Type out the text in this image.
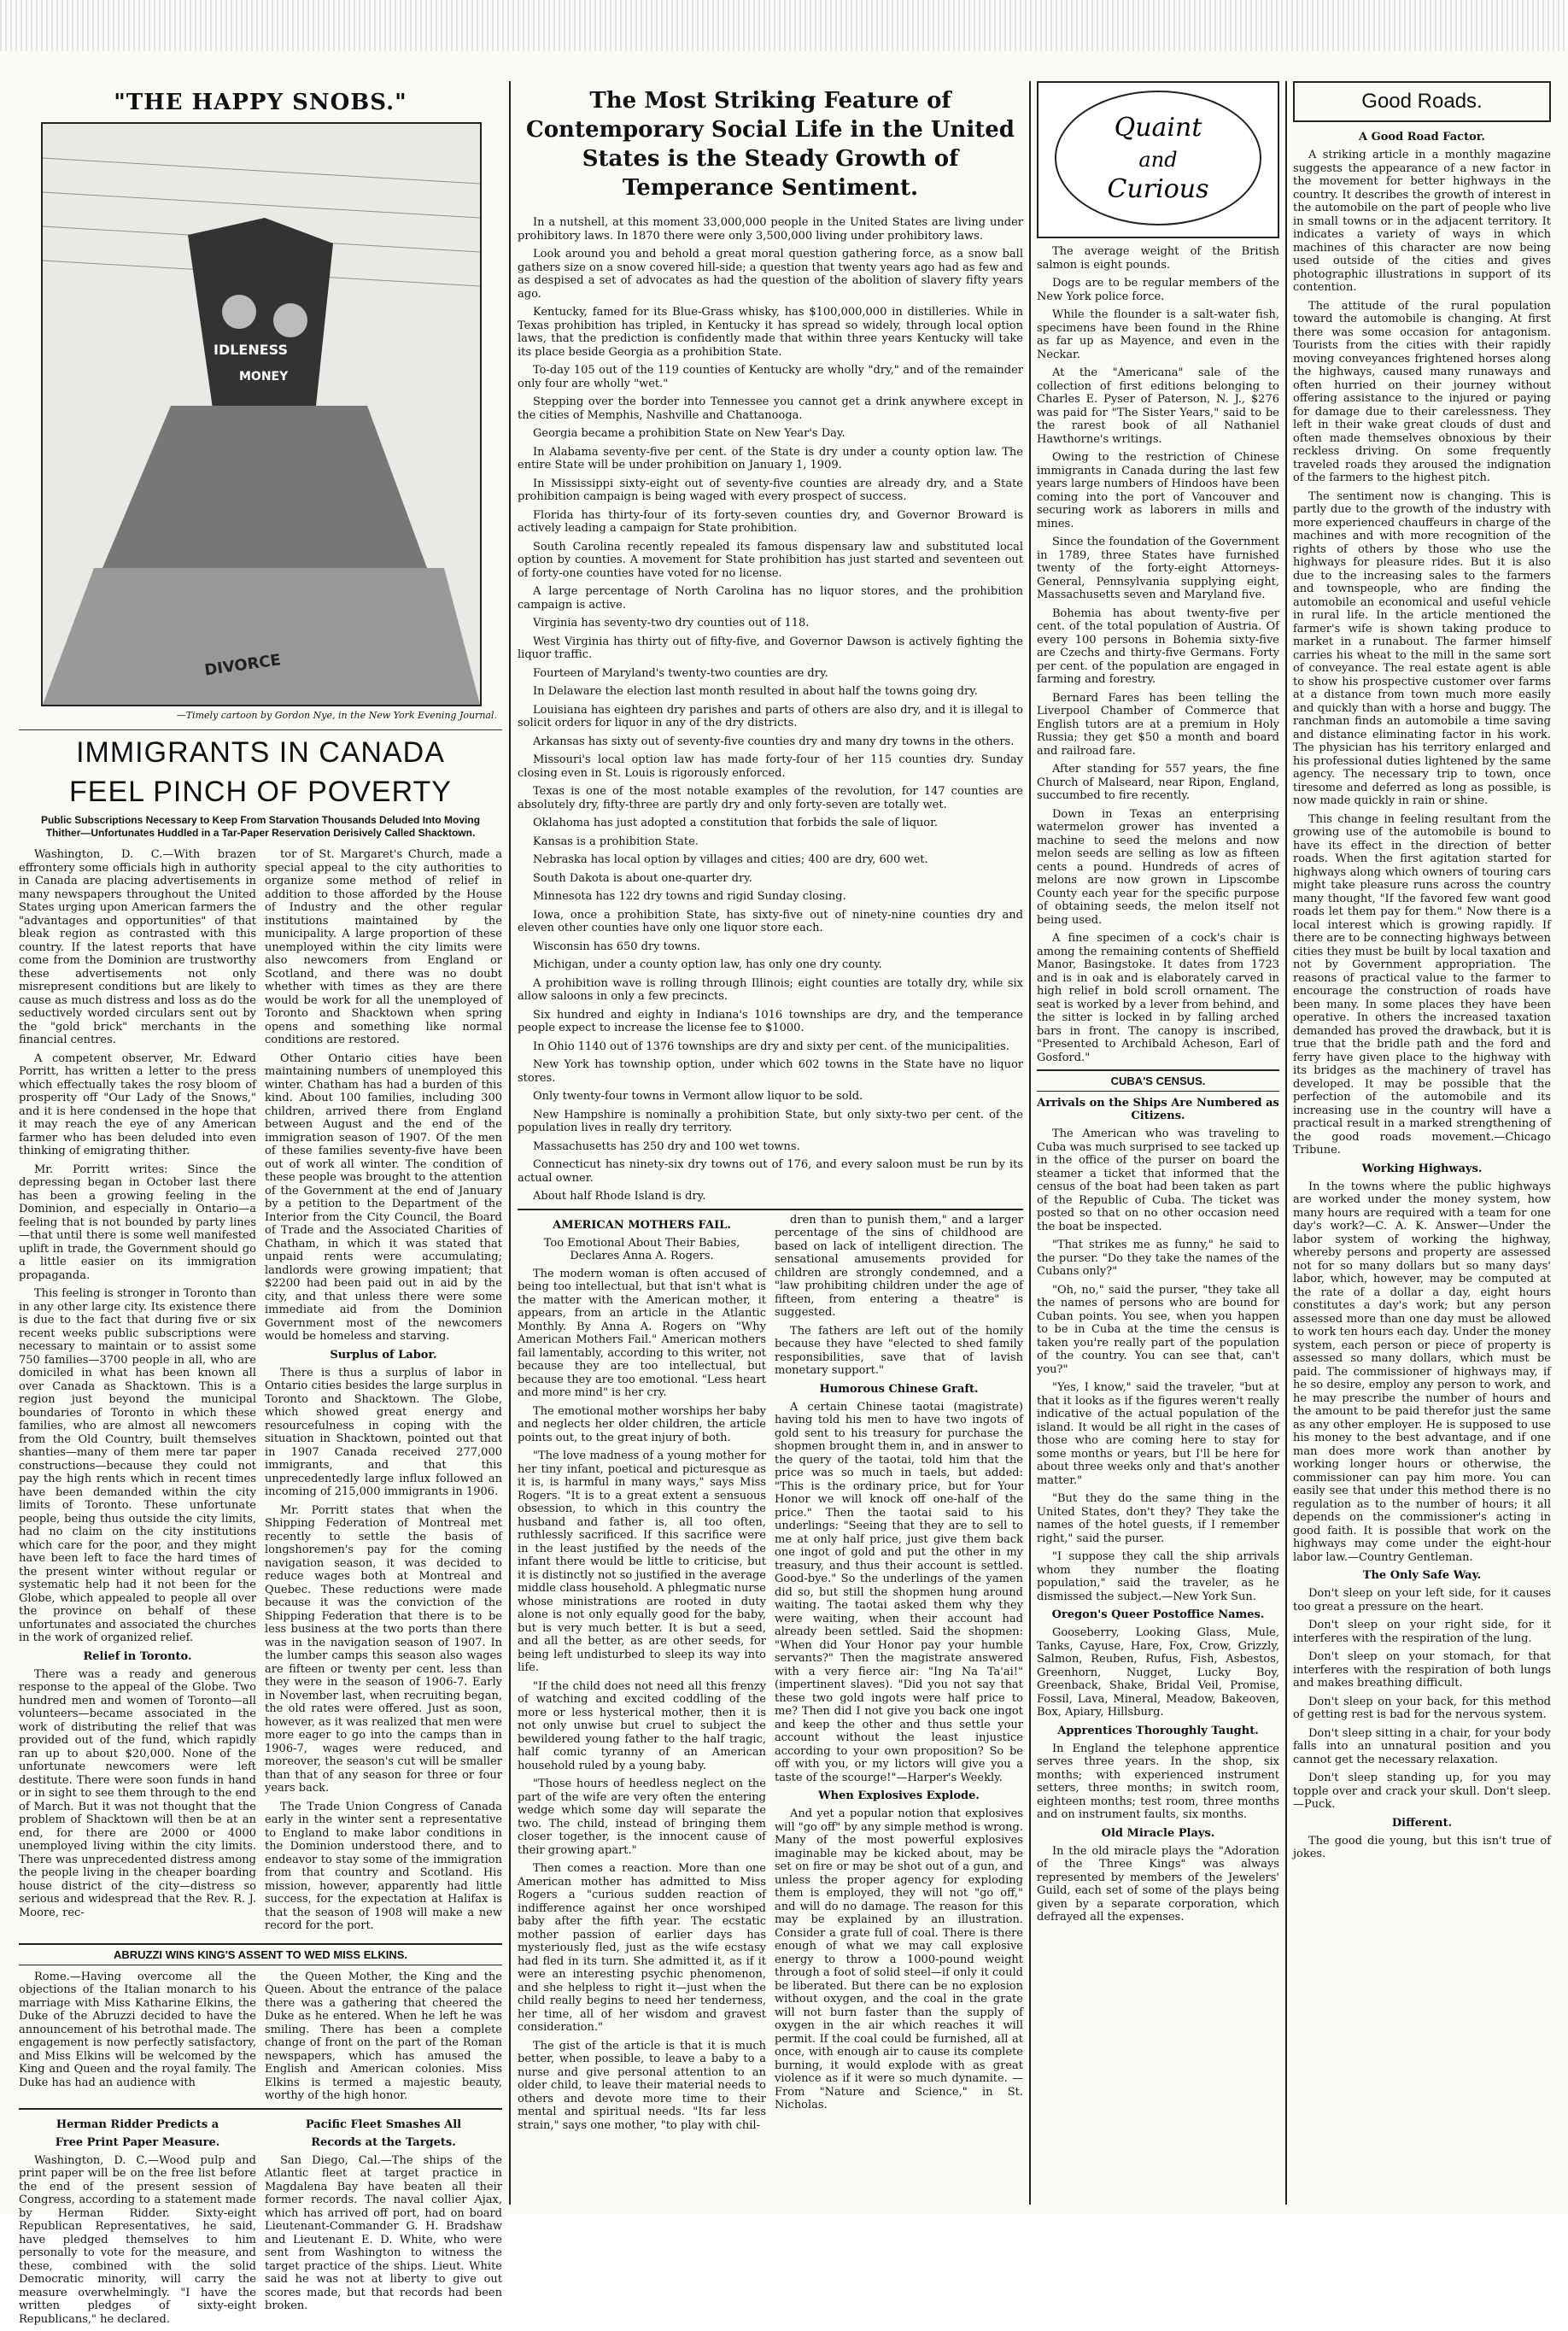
"THE HAPPY SNOBS."
IDLENESS
MONEY
DIVORCE
—Timely cartoon by Gordon Nye, in the New York Evening Journal.
IMMIGRANTS IN CANADA
FEEL PINCH OF POVERTY
Public Subscriptions Necessary to Keep From Starvation Thousands Deluded Into Moving Thither—Unfortunates Huddled in a Tar-Paper Reservation Derisively Called Shacktown.

Washington, D. C.—With brazen effrontery some officials high in authority in Canada are placing advertisements in many newspapers throughout the United States urging upon American farmers the "advantages and opportunities" of that bleak region as contrasted with this country. If the latest reports that have come from the Dominion are trustworthy these advertisements not only misrepresent conditions but are likely to cause as much distress and loss as do the seductively worded circulars sent out by the "gold brick" merchants in the financial centres.

A competent observer, Mr. Edward Porritt, has written a letter to the press which effectually takes the rosy bloom of prosperity off "Our Lady of the Snows," and it is here condensed in the hope that it may reach the eye of any American farmer who has been deluded into even thinking of emigrating thither.

Mr. Porritt writes: Since the depressing began in October last there has been a growing feeling in the Dominion, and especially in Ontario—a feeling that is not bounded by party lines—that until there is some well manifested uplift in trade, the Government should go a little easier on its immigration propaganda.

This feeling is stronger in Toronto than in any other large city. Its existence there is due to the fact that during five or six recent weeks public subscriptions were necessary to maintain or to assist some 750 families—3700 people in all, who are domiciled in what has been known all over Canada as Shacktown. This is a region just beyond the municipal boundaries of Toronto in which these families, who are almost all newcomers from the Old Country, built themselves shanties—many of them mere tar paper constructions—because they could not pay the high rents which in recent times have been demanded within the city limits of Toronto. These unfortunate people, being thus outside the city limits, had no claim on the city institutions which care for the poor, and they might have been left to face the hard times of the present winter without regular or systematic help had it not been for the Globe, which appealed to people all over the province on behalf of these unfortunates and associated the churches in the work of organized relief.

Relief in Toronto.

There was a ready and generous response to the appeal of the Globe. Two hundred men and women of Toronto—all volunteers—became associated in the work of distributing the relief that was provided out of the fund, which rapidly ran up to about $20,000. None of the unfortunate newcomers were left destitute. There were soon funds in hand or in sight to see them through to the end of March. But it was not thought that the problem of Shacktown will then be at an end, for there are 2000 or 4000 unemployed living within the city limits. There was unprecedented distress among the people living in the cheaper boarding house district of the city—distress so serious and widespread that the Rev. R. J. Moore, rec-

tor of St. Margaret's Church, made a special appeal to the city authorities to organize some method of relief in addition to those afforded by the House of Industry and the other regular institutions maintained by the municipality. A large proportion of these unemployed within the city limits were also newcomers from England or Scotland, and there was no doubt whether with times as they are there would be work for all the unemployed of Toronto and Shacktown when spring opens and something like normal conditions are restored.

Other Ontario cities have been maintaining numbers of unemployed this winter. Chatham has had a burden of this kind. About 100 families, including 300 children, arrived there from England between August and the end of the immigration season of 1907. Of the men of these families seventy-five have been out of work all winter. The condition of these people was brought to the attention of the Government at the end of January by a petition to the Department of the Interior from the City Council, the Board of Trade and the Associated Charities of Chatham, in which it was stated that unpaid rents were accumulating; landlords were growing impatient; that $2200 had been paid out in aid by the city, and that unless there were some immediate aid from the Dominion Government most of the newcomers would be homeless and starving.

Surplus of Labor.

There is thus a surplus of labor in Ontario cities besides the large surplus in Toronto and Shacktown. The Globe, which showed great energy and resourcefulness in coping with the situation in Shacktown, pointed out that in 1907 Canada received 277,000 immigrants, and that this unprecedentedly large influx followed an incoming of 215,000 immigrants in 1906.

Mr. Porritt states that when the Shipping Federation of Montreal met recently to settle the basis of longshoremen's pay for the coming navigation season, it was decided to reduce wages both at Montreal and Quebec. These reductions were made because it was the conviction of the Shipping Federation that there is to be less business at the two ports than there was in the navigation season of 1907. In the lumber camps this season also wages are fifteen or twenty per cent. less than they were in the season of 1906-7. Early in November last, when recruiting began, the old rates were offered. Just as soon, however, as it was realized that men were more eager to go into the camps than in 1906-7, wages were reduced, and moreover, the season's cut will be smaller than that of any season for three or four years back.

The Trade Union Congress of Canada early in the winter sent a representative to England to make labor conditions in the Dominion understood there, and to endeavor to stay some of the immigration from that country and Scotland. His mission, however, apparently had little success, for the expectation at Halifax is that the season of 1908 will make a new record for the port.

ABRUZZI WINS KING'S ASSENT TO WED MISS ELKINS.

Rome.—Having overcome all the objections of the Italian monarch to his marriage with Miss Katharine Elkins, the Duke of the Abruzzi decided to have the announcement of his betrothal made. The engagement is now perfectly satisfactory, and Miss Elkins will be welcomed by the King and Queen and the royal family. The Duke has had an audience with

the Queen Mother, the King and the Queen. About the entrance of the palace there was a gathering that cheered the Duke as he entered. When he left he was smiling. There has been a complete change of front on the part of the Roman newspapers, which has amused the English and American colonies. Miss Elkins is termed a majestic beauty, worthy of the high honor.

Herman Ridder Predicts a
Free Print Paper Measure.

Washington, D. C.—Wood pulp and print paper will be on the free list before the end of the present session of Congress, according to a statement made by Herman Ridder. Sixty-eight Republican Representatives, he said, have pledged themselves to him personally to vote for the measure, and these, combined with the solid Democratic minority, will carry the measure overwhelmingly. "I have the written pledges of sixty-eight Republicans," he declared.

Pacific Fleet Smashes All
Records at the Targets.

San Diego, Cal.—The ships of the Atlantic fleet at target practice in Magdalena Bay have beaten all their former records. The naval collier Ajax, which has arrived off port, had on board Lieutenant-Commander G. H. Bradshaw and Lieutenant E. D. White, who were sent from Washington to witness the target practice of the ships. Lieut. White said he was not at liberty to give out scores made, but that records had been broken.

The Most Striking Feature of Contemporary Social Life in the United States is the Steady Growth of Temperance Sentiment.

In a nutshell, at this moment 33,000,000 people in the United States are living under prohibitory laws. In 1870 there were only 3,500,000 living under prohibitory laws.

Look around you and behold a great moral question gathering force, as a snow ball gathers size on a snow covered hill-side; a question that twenty years ago had as few and as despised a set of advocates as had the question of the abolition of slavery fifty years ago.

Kentucky, famed for its Blue-Grass whisky, has $100,000,000 in distilleries. While in Texas prohibition has tripled, in Kentucky it has spread so widely, through local option laws, that the prediction is confidently made that within three years Kentucky will take its place beside Georgia as a prohibition State.

To-day 105 out of the 119 counties of Kentucky are wholly "dry," and of the remainder only four are wholly "wet."

Stepping over the border into Tennessee you cannot get a drink anywhere except in the cities of Memphis, Nashville and Chattanooga.

Georgia became a prohibition State on New Year's Day.

In Alabama seventy-five per cent. of the State is dry under a county option law. The entire State will be under prohibition on January 1, 1909.

In Mississippi sixty-eight out of seventy-five counties are already dry, and a State prohibition campaign is being waged with every prospect of success.

Florida has thirty-four of its forty-seven counties dry, and Governor Broward is actively leading a campaign for State prohibition.

South Carolina recently repealed its famous dispensary law and substituted local option by counties. A movement for State prohibition has just started and seventeen out of forty-one counties have voted for no license.

A large percentage of North Carolina has no liquor stores, and the prohibition campaign is active.

Virginia has seventy-two dry counties out of 118.

West Virginia has thirty out of fifty-five, and Governor Dawson is actively fighting the liquor traffic.

Fourteen of Maryland's twenty-two counties are dry.

In Delaware the election last month resulted in about half the towns going dry.

Louisiana has eighteen dry parishes and parts of others are also dry, and it is illegal to solicit orders for liquor in any of the dry districts.

Arkansas has sixty out of seventy-five counties dry and many dry towns in the others.

Missouri's local option law has made forty-four of her 115 counties dry. Sunday closing even in St. Louis is rigorously enforced.

Texas is one of the most notable examples of the revolution, for 147 counties are absolutely dry, fifty-three are partly dry and only forty-seven are totally wet.

Oklahoma has just adopted a constitution that forbids the sale of liquor.

Kansas is a prohibition State.

Nebraska has local option by villages and cities; 400 are dry, 600 wet.

South Dakota is about one-quarter dry.

Minnesota has 122 dry towns and rigid Sunday closing.

Iowa, once a prohibition State, has sixty-five out of ninety-nine counties dry and eleven other counties have only one liquor store each.

Wisconsin has 650 dry towns.

Michigan, under a county option law, has only one dry county.

A prohibition wave is rolling through Illinois; eight counties are totally dry, while six allow saloons in only a few precincts.

Six hundred and eighty in Indiana's 1016 townships are dry, and the temperance people expect to increase the license fee to $1000.

In Ohio 1140 out of 1376 townships are dry and sixty per cent. of the municipalities.

New York has township option, under which 602 towns in the State have no liquor stores.

Only twenty-four towns in Vermont allow liquor to be sold.

New Hampshire is nominally a prohibition State, but only sixty-two per cent. of the population lives in really dry territory.

Massachusetts has 250 dry and 100 wet towns.

Connecticut has ninety-six dry towns out of 176, and every saloon must be run by its actual owner.

About half Rhode Island is dry.

AMERICAN MOTHERS FAIL.
Too Emotional About Their Babies, Declares Anna A. Rogers.

The modern woman is often accused of being too intellectual, but that isn't what is the matter with the American mother, it appears, from an article in the Atlantic Monthly. By Anna A. Rogers on "Why American Mothers Fail." American mothers fail lamentably, according to this writer, not because they are too intellectual, but because they are too emotional. "Less heart and more mind" is her cry.

The emotional mother worships her baby and neglects her older children, the article points out, to the great injury of both.

"The love madness of a young mother for her tiny infant, poetical and picturesque as it is, is harmful in many ways," says Miss Rogers. "It is to a great extent a sensuous obsession, to which in this country the husband and father is, all too often, ruthlessly sacrificed. If this sacrifice were in the least justified by the needs of the infant there would be little to criticise, but it is distinctly not so justified in the average middle class household. A phlegmatic nurse whose ministrations are rooted in duty alone is not only equally good for the baby, but is very much better. It is but a seed, and all the better, as are other seeds, for being left undisturbed to sleep its way into life.

"If the child does not need all this frenzy of watching and excited coddling of the more or less hysterical mother, then it is not only unwise but cruel to subject the bewildered young father to the half tragic, half comic tyranny of an American household ruled by a young baby.

"Those hours of heedless neglect on the part of the wife are very often the entering wedge which some day will separate the two. The child, instead of bringing them closer together, is the innocent cause of their growing apart."

Then comes a reaction. More than one American mother has admitted to Miss Rogers a "curious sudden reaction of indifference against her once worshiped baby after the fifth year. The ecstatic mother passion of earlier days has mysteriously fled, just as the wife ecstasy had fled in its turn. She admitted it, as if it were an interesting psychic phenomenon, and she helpless to right it—just when the child really begins to need her tenderness, her time, all of her wisdom and gravest consideration."

The gist of the article is that it is much better, when possible, to leave a baby to a nurse and give personal attention to an older child, to leave their material needs to others and devote more time to their mental and spiritual needs. "Its far less strain," says one mother, "to play with chil-

dren than to punish them," and a larger percentage of the sins of childhood are based on lack of intelligent direction. The sensational amusements provided for children are strongly condemned, and a "law prohibiting children under the age of fifteen, from entering a theatre" is suggested.

The fathers are left out of the homily because they have "elected to shed family responsibilities, save that of lavish monetary support."

Humorous Chinese Graft.

A certain Chinese taotai (magistrate) having told his men to have two ingots of gold sent to his treasury for purchase the shopmen brought them in, and in answer to the query of the taotai, told him that the price was so much in taels, but added: "This is the ordinary price, but for Your Honor we will knock off one-half of the price." Then the taotai said to his underlings: "Seeing that they are to sell to me at only half price, just give them back one ingot of gold and put the other in my treasury, and thus their account is settled. Good-bye." So the underlings of the yamen did so, but still the shopmen hung around waiting. The taotai asked them why they were waiting, when their account had already been settled. Said the shopmen: "When did Your Honor pay your humble servants?" Then the magistrate answered with a very fierce air: "Ing Na Ta'ai!" (impertinent slaves). "Did you not say that these two gold ingots were half price to me? Then did I not give you back one ingot and keep the other and thus settle your account without the least injustice according to your own proposition? So be off with you, or my lictors will give you a taste of the scourge!"—Harper's Weekly.

When Explosives Explode.

And yet a popular notion that explosives will "go off" by any simple method is wrong. Many of the most powerful explosives imaginable may be kicked about, may be set on fire or may be shot out of a gun, and unless the proper agency for exploding them is employed, they will not "go off," and will do no damage. The reason for this may be explained by an illustration. Consider a grate full of coal. There is there enough of what we may call explosive energy to throw a 1000-pound weight through a foot of solid steel—if only it could be liberated. But there can be no explosion without oxygen, and the coal in the grate will not burn faster than the supply of oxygen in the air which reaches it will permit. If the coal could be furnished, all at once, with enough air to cause its complete burning, it would explode with as great violence as if it were so much dynamite. — From "Nature and Science," in St. Nicholas.

Quaint
and
Curious

The average weight of the British salmon is eight pounds.

Dogs are to be regular members of the New York police force.

While the flounder is a salt-water fish, specimens have been found in the Rhine as far up as Mayence, and even in the Neckar.

At the "Americana" sale of the collection of first editions belonging to Charles E. Pyser of Paterson, N. J., $276 was paid for "The Sister Years," said to be the rarest book of all Nathaniel Hawthorne's writings.

Owing to the restriction of Chinese immigrants in Canada during the last few years large numbers of Hindoos have been coming into the port of Vancouver and securing work as laborers in mills and mines.

Since the foundation of the Government in 1789, three States have furnished twenty of the forty-eight Attorneys-General, Pennsylvania supplying eight, Massachusetts seven and Maryland five.

Bohemia has about twenty-five per cent. of the total population of Austria. Of every 100 persons in Bohemia sixty-five are Czechs and thirty-five Germans. Forty per cent. of the population are engaged in farming and forestry.

Bernard Fares has been telling the Liverpool Chamber of Commerce that English tutors are at a premium in Holy Russia; they get $50 a month and board and railroad fare.

After standing for 557 years, the fine Church of Malseard, near Ripon, England, succumbed to fire recently.

Down in Texas an enterprising watermelon grower has invented a machine to seed the melons and now melon seeds are selling as low as fifteen cents a pound. Hundreds of acres of melons are now grown in Lipscombe County each year for the specific purpose of obtaining seeds, the melon itself not being used.

A fine specimen of a cock's chair is among the remaining contents of Sheffield Manor, Basingstoke. It dates from 1723 and is in oak and is elaborately carved in high relief in bold scroll ornament. The seat is worked by a lever from behind, and the sitter is locked in by falling arched bars in front. The canopy is inscribed, "Presented to Archibald Acheson, Earl of Gosford."

CUBA'S CENSUS.
Arrivals on the Ships Are Numbered as Citizens.

The American who was traveling to Cuba was much surprised to see tacked up in the office of the purser on board the steamer a ticket that informed that the census of the boat had been taken as part of the Republic of Cuba. The ticket was posted so that on no other occasion need the boat be inspected.

"That strikes me as funny," he said to the purser. "Do they take the names of the Cubans only?"

"Oh, no," said the purser, "they take all the names of persons who are bound for Cuban points. You see, when you happen to be in Cuba at the time the census is taken you're really part of the population of the country. You can see that, can't you?"

"Yes, I know," said the traveler, "but at that it looks as if the figures weren't really indicative of the actual population of the island. It would be all right in the cases of those who are coming here to stay for some months or years, but I'll be here for about three weeks only and that's another matter."

"But they do the same thing in the United States, don't they? They take the names of the hotel guests, if I remember right," said the purser.

"I suppose they call the ship arrivals whom they number the floating population," said the traveler, as he dismissed the subject.—New York Sun.

Oregon's Queer Postoffice Names.

Gooseberry, Looking Glass, Mule, Tanks, Cayuse, Hare, Fox, Crow, Grizzly, Salmon, Reuben, Rufus, Fish, Asbestos, Greenhorn, Nugget, Lucky Boy, Greenback, Shake, Bridal Veil, Promise, Fossil, Lava, Mineral, Meadow, Bakeoven, Box, Apiary, Hillsburg.

Apprentices Thoroughly Taught.

In England the telephone apprentice serves three years. In the shop, six months; with experienced instrument setters, three months; in switch room, eighteen months; test room, three months and on instrument faults, six months.

Old Miracle Plays.

In the old miracle plays the "Adoration of the Three Kings" was always represented by members of the Jewelers' Guild, each set of some of the plays being given by a separate corporation, which defrayed all the expenses.

Good Roads.
A Good Road Factor.

A striking article in a monthly magazine suggests the appearance of a new factor in the movement for better highways in the country. It describes the growth of interest in the automobile on the part of people who live in small towns or in the adjacent territory. It indicates a variety of ways in which machines of this character are now being used outside of the cities and gives photographic illustrations in support of its contention.

The attitude of the rural population toward the automobile is changing. At first there was some occasion for antagonism. Tourists from the cities with their rapidly moving conveyances frightened horses along the highways, caused many runaways and often hurried on their journey without offering assistance to the injured or paying for damage due to their carelessness. They left in their wake great clouds of dust and often made themselves obnoxious by their reckless driving. On some frequently traveled roads they aroused the indignation of the farmers to the highest pitch.

The sentiment now is changing. This is partly due to the growth of the industry with more experienced chauffeurs in charge of the machines and with more recognition of the rights of others by those who use the highways for pleasure rides. But it is also due to the increasing sales to the farmers and townspeople, who are finding the automobile an economical and useful vehicle in rural life. In the article mentioned the farmer's wife is shown taking produce to market in a runabout. The farmer himself carries his wheat to the mill in the same sort of conveyance. The real estate agent is able to show his prospective customer over farms at a distance from town much more easily and quickly than with a horse and buggy. The ranchman finds an automobile a time saving and distance eliminating factor in his work. The physician has his territory enlarged and his professional duties lightened by the same agency. The necessary trip to town, once tiresome and deferred as long as possible, is now made quickly in rain or shine.

This change in feeling resultant from the growing use of the automobile is bound to have its effect in the direction of better roads. When the first agitation started for highways along which owners of touring cars might take pleasure runs across the country many thought, "If the favored few want good roads let them pay for them." Now there is a local interest which is growing rapidly. If there are to be connecting highways between cities they must be built by local taxation and not by Government appropriation. The reasons of practical value to the farmer to encourage the construction of roads have been many. In some places they have been operative. In others the increased taxation demanded has proved the drawback, but it is true that the bridle path and the ford and ferry have given place to the highway with its bridges as the machinery of travel has developed. It may be possible that the perfection of the automobile and its increasing use in the country will have a practical result in a marked strengthening of the good roads movement.—Chicago Tribune.

Working Highways.

In the towns where the public highways are worked under the money system, how many hours are required with a team for one day's work?—C. A. K. Answer—Under the labor system of working the highway, whereby persons and property are assessed not for so many dollars but so many days' labor, which, however, may be computed at the rate of a dollar a day, eight hours constitutes a day's work; but any person assessed more than one day must be allowed to work ten hours each day. Under the money system, each person or piece of property is assessed so many dollars, which must be paid. The commissioner of highways may, if he so desire, employ any person to work, and he may prescribe the number of hours and the amount to be paid therefor just the same as any other employer. He is supposed to use his money to the best advantage, and if one man does more work than another by working longer hours or otherwise, the commissioner can pay him more. You can easily see that under this method there is no regulation as to the number of hours; it all depends on the commissioner's acting in good faith. It is possible that work on the highways may come under the eight-hour labor law.—Country Gentleman.

The Only Safe Way.

Don't sleep on your left side, for it causes too great a pressure on the heart.

Don't sleep on your right side, for it interferes with the respiration of the lung.

Don't sleep on your stomach, for that interferes with the respiration of both lungs and makes breathing difficult.

Don't sleep on your back, for this method of getting rest is bad for the nervous system.

Don't sleep sitting in a chair, for your body falls into an unnatural position and you cannot get the necessary relaxation.

Don't sleep standing up, for you may topple over and crack your skull. Don't sleep.—Puck.

Different.

The good die young, but this isn't true of jokes.
